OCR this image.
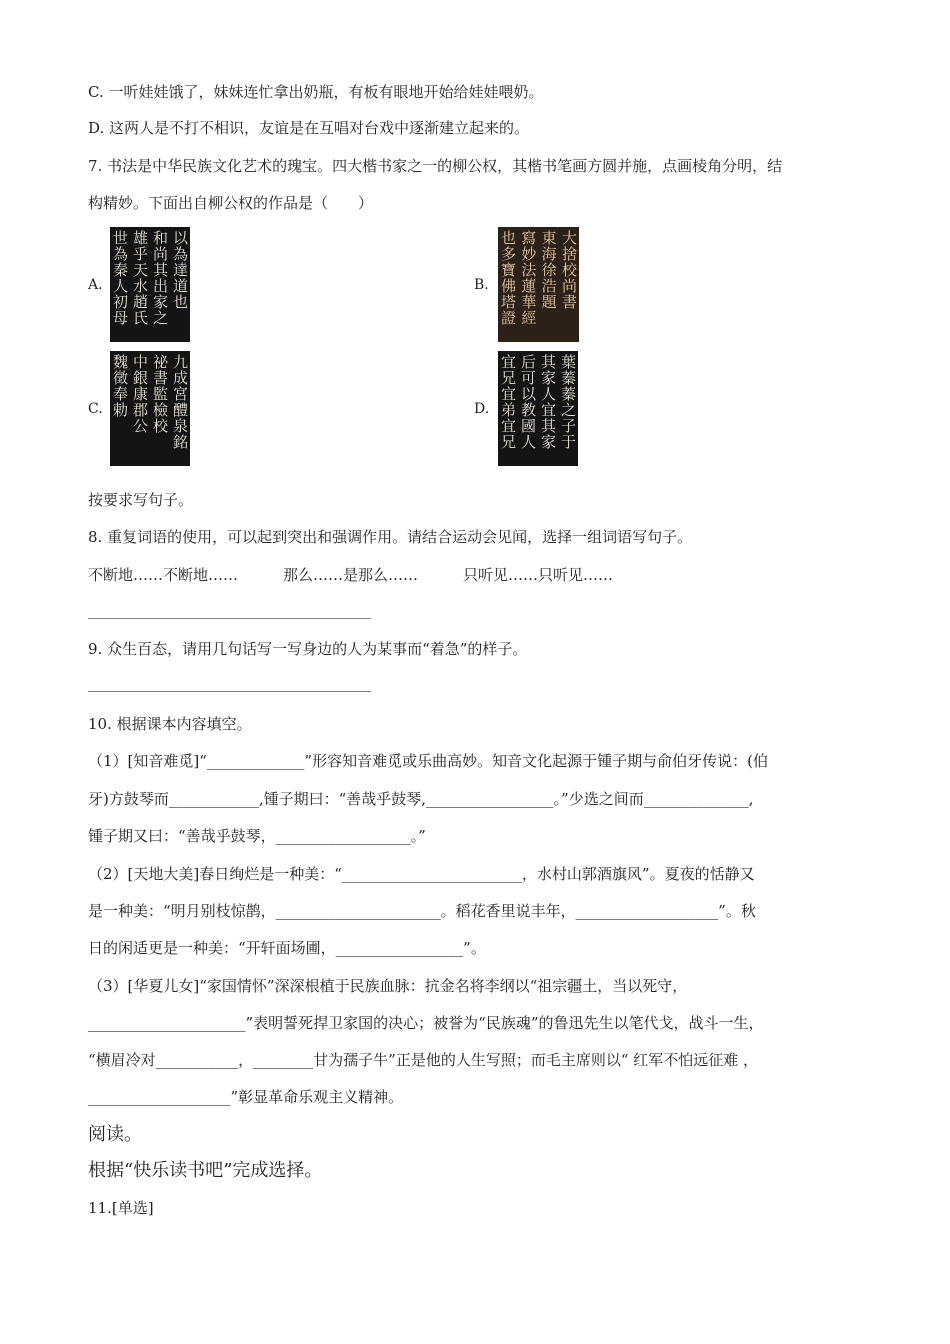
C. 一听娃娃饿了，妹妹连忙拿出奶瓶，有板有眼地开始给娃娃喂奶。
D. 这两人是不打不相识，友谊是在互唱对台戏中逐渐建立起来的。
7. 书法是中华民族文化艺术的瑰宝。四大楷书家之一的柳公权，其楷书笔画方圆并施，点画棱角分明，结
构精妙。下面出自柳公权的作品是（　　）
A.	以為達道也
和尚其出家之
雄乎天水趙氏
世為秦人初母	B.	大捨校尚書
東海徐浩題
寫妙法蓮華經
也多寶佛塔證
C.	九成宮醴泉銘
祕書監檢校
中銀康郡公
魏徵奉勅	D.	葉蓁蓁之子于
其家人宜其家
后可以教國人
宜兄宜弟宜兄
按要求写句子。
8. 重复词语的使用，可以起到突出和强调作用。请结合运动会见闻，选择一组词语写句子。
不断地……不断地……　　　那么……是那么……　　　只听见……只听见……
9. 众生百态，请用几句话写一写身边的人为某事而“着急”的样子。
10. 根据课本内容填空。
（1）[知音难觅]“_____________”形容知音难觅或乐曲高妙。知音文化起源于锺子期与俞伯牙传说：(伯
牙)方鼓琴而____________,锺子期曰：“善哉乎鼓琴,_________________。”少选之间而______________,
锺子期又曰：“善哉乎鼓琴，__________________。”
（2）[天地大美]春日绚烂是一种美：“________________________，水村山郭酒旗风”。夏夜的恬静又
是一种美：“明月别枝惊鹊，______________________。稻花香里说丰年，___________________”。秋
日的闲适更是一种美：“开轩面场圃，_________________”。
（3）[华夏儿女]“家国情怀”深深根植于民族血脉：抗金名将李纲以“祖宗疆土，当以死守，
_____________________”表明誓死捍卫家国的决心；被誉为“民族魂”的鲁迅先生以笔代戈，战斗一生，
“横眉冷对___________，________甘为孺子牛”正是他的人生写照；而毛主席则以“ 红军不怕远征难 ，
___________________”彰显革命乐观主义精神。
阅读。
根据“快乐读书吧”完成选择。
11.[单选]
